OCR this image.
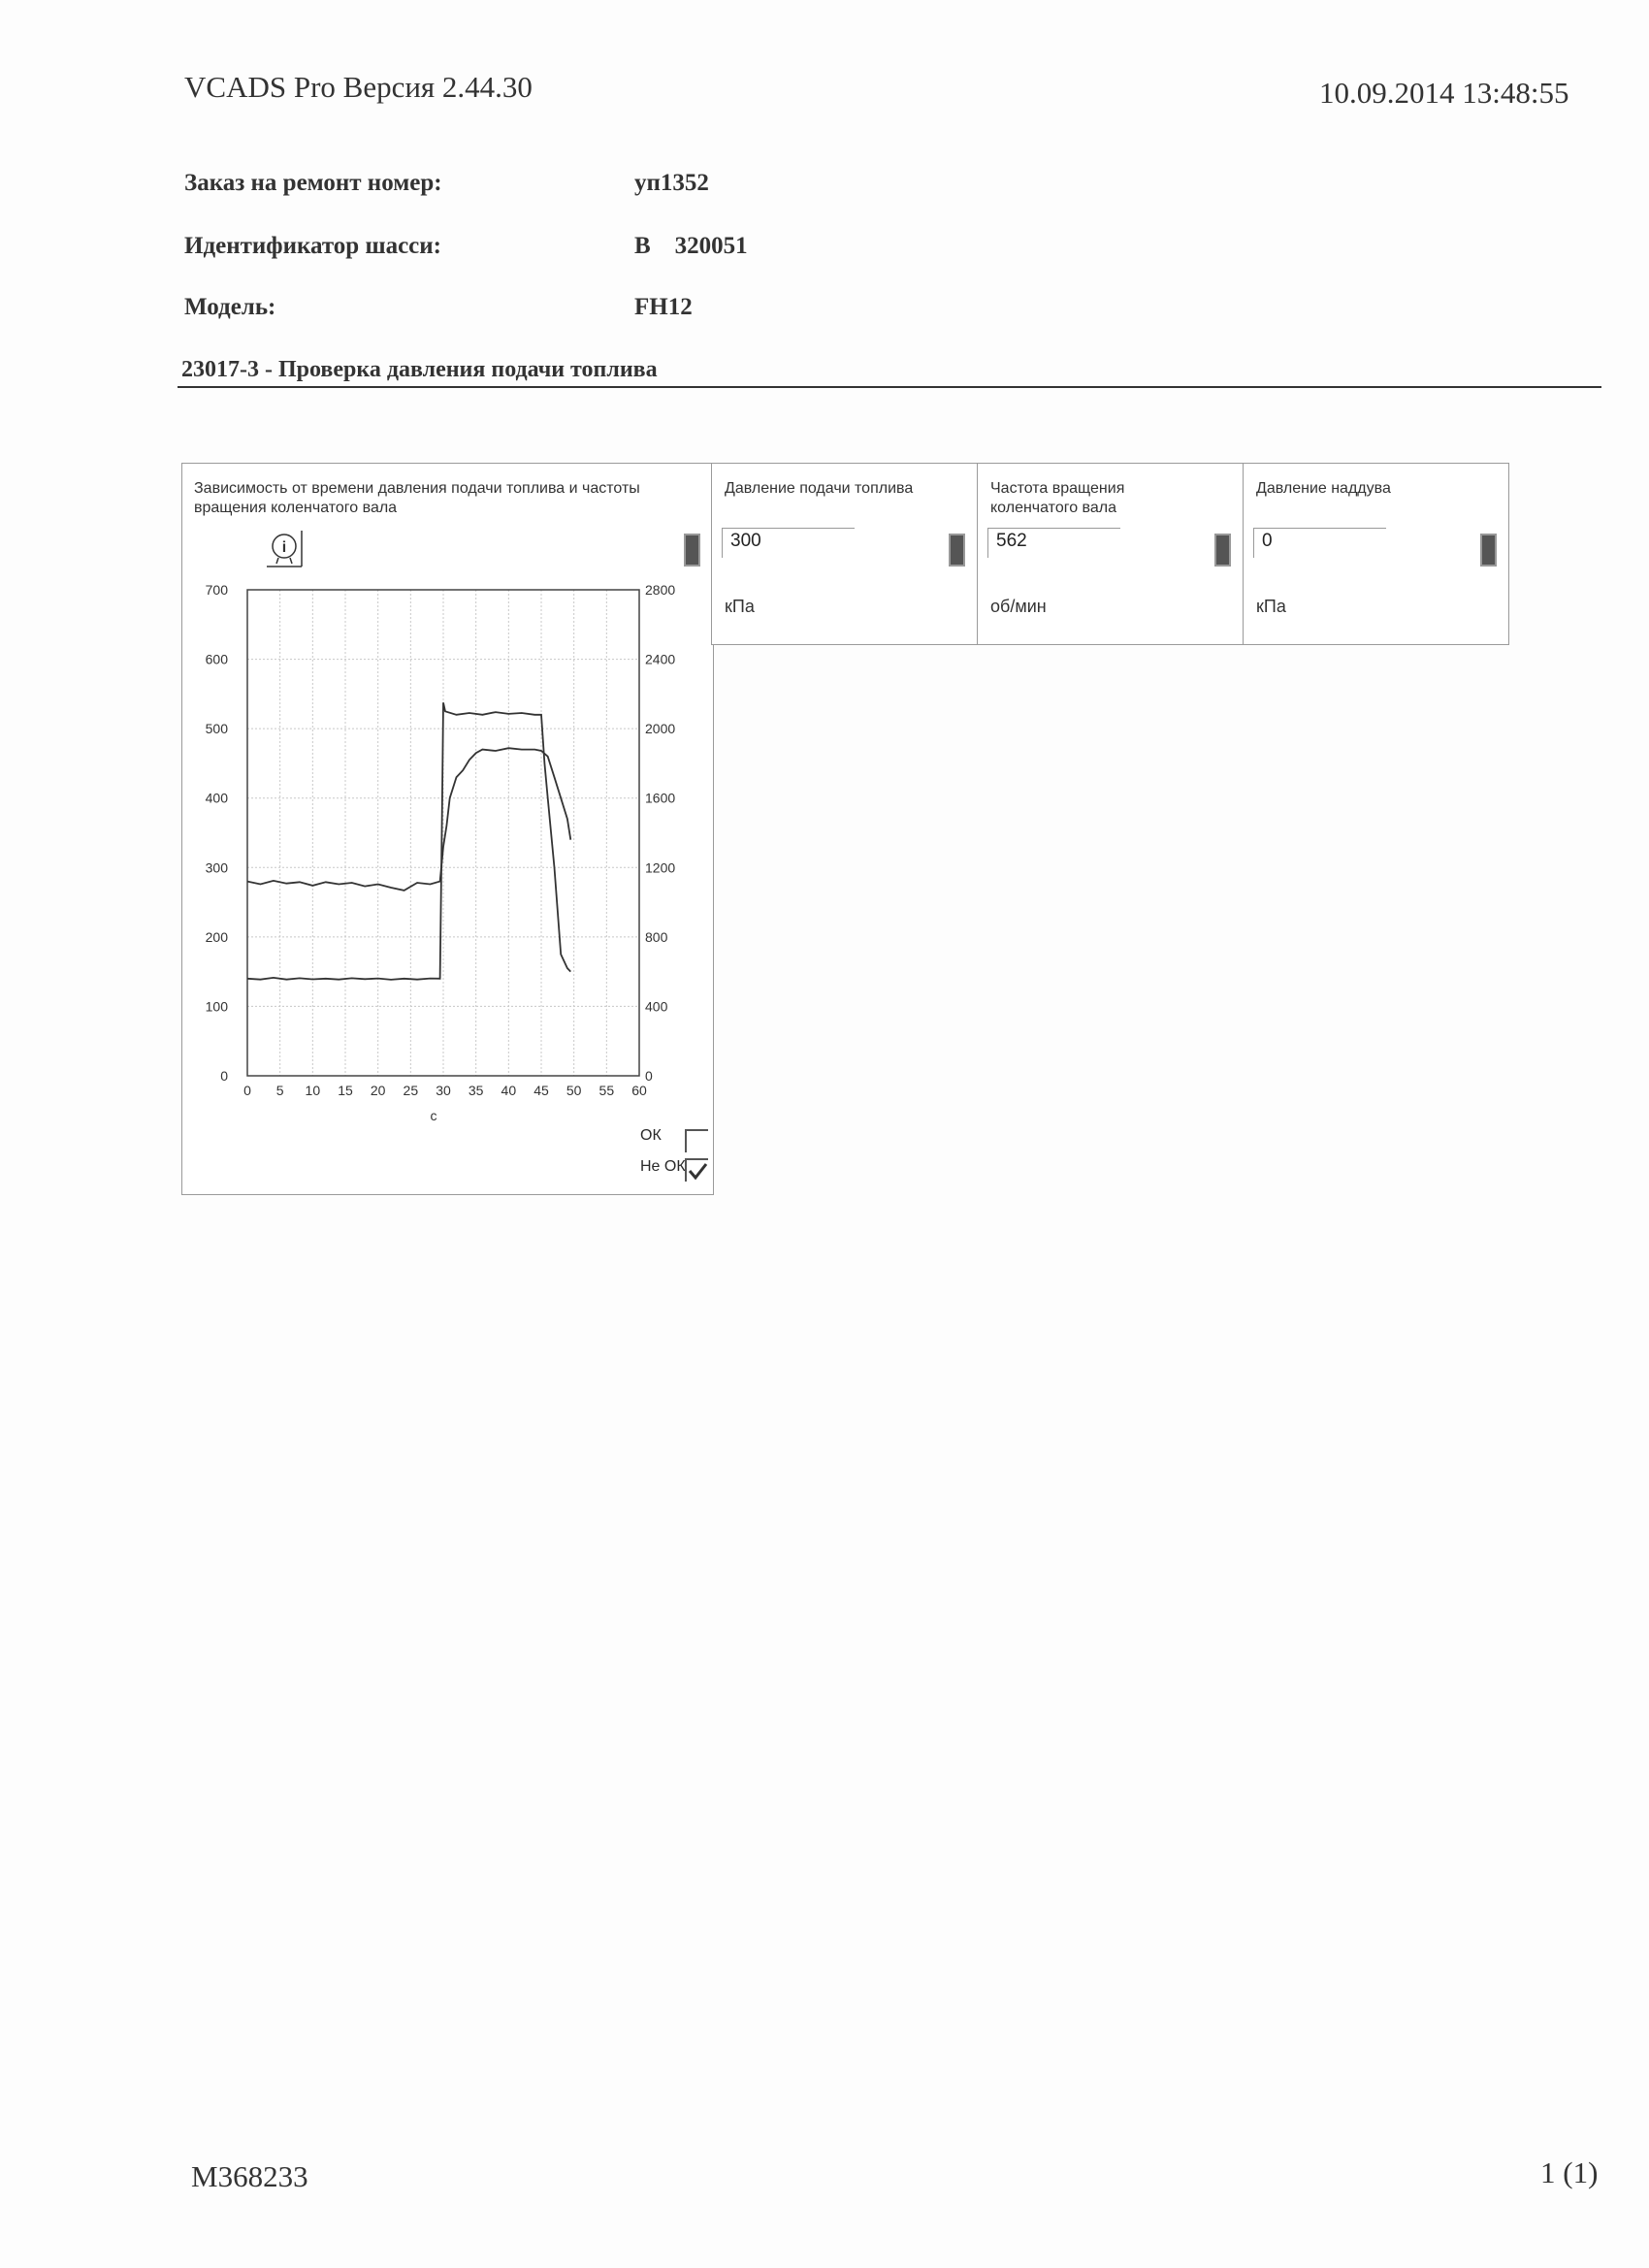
VCADS Pro Версия 2.44.30	10.09.2014 13:48:55
Заказ на ремонт номер:	уп1352
Идентификатор шасси:	B    320051
Модель:	FH12
23017-3 - Проверка давления подачи топлива
Зависимость от времени давления подачи топлива и частоты
вращения коленчатого вала
i
0
100
200
300
400
500
600
700
0
400
800
1200
1600
2000
2400
2800
0 5 10 15 20 25 30 35 40 45 50 55 60
с
ОК
Не ОК
Давление подачи топлива
300
кПа
Частота вращения
коленчатого вала
562
об/мин
Давление наддува
0
кПа
M368233	1 (1)
